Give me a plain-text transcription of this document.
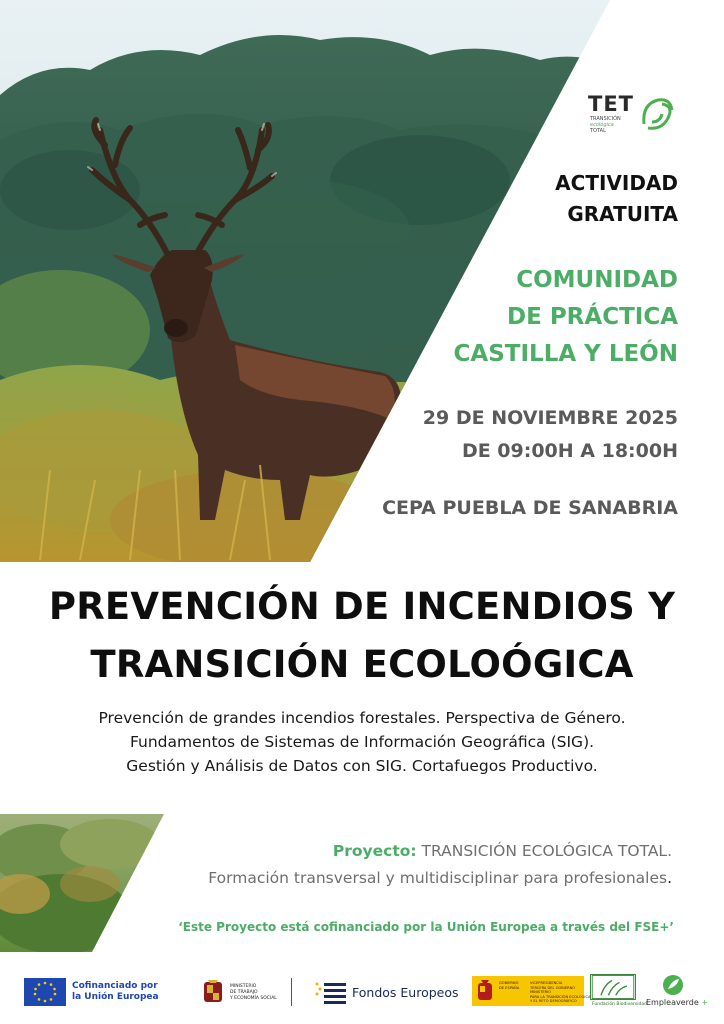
TET
TRANSICIÓN
ecológica
TOTAL
ACTIVIDAD
GRATUITA
COMUNIDAD
DE PRÁCTICA
CASTILLA Y LEÓN
29 DE NOVIEMBRE 2025
DE 09:00H A 18:00H
CEPA PUEBLA DE SANABRIA
PREVENCIÓN DE INCENDIOS Y
TRANSICIÓN ECOLOÓGICA
Prevención de grandes incendios forestales. Perspectiva de Género.
Fundamentos de Sistemas de Información Geográfica (SIG).
Gestión y Análisis de Datos con SIG. Cortafuegos Productivo.
Proyecto: TRANSICIÓN ECOLÓGICA TOTAL.
Formación transversal y multidisciplinar para profesionales.
‘Este Proyecto está cofinanciado por la Unión Europea a través del FSE+’
Cofinanciado por
la Unión Europea
MINISTERIO
DE TRABAJO
Y ECONOMÍA SOCIAL	Fondos Europeos
GOBIERNO
DE ESPAÑA
VICEPRESIDENCIA
TERCERA DEL GOBIERNO
MINISTERIO
PARA LA TRANSICIÓN ECOLÓGICA
Y EL RETO DEMOGRÁFICO
Fundación Biodiversidad Empleaverde +
